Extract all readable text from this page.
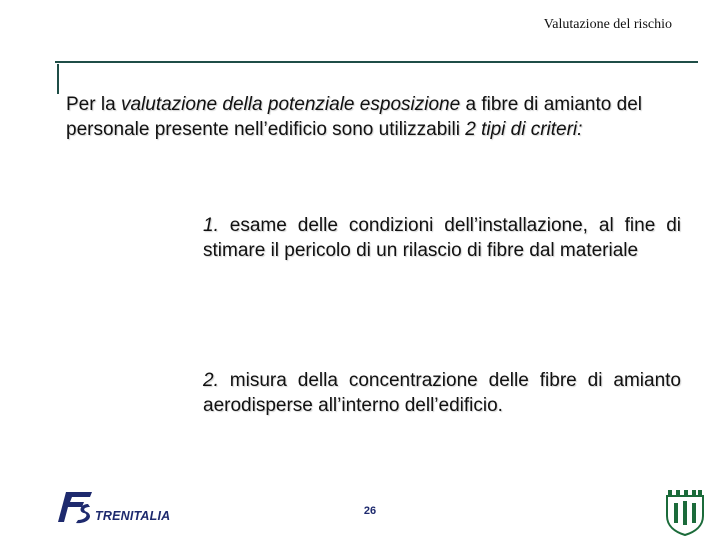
Valutazione del rischio

Per la valutazione della potenziale esposizione a fibre di amianto del personale presente nell’edificio sono utilizzabili 2 tipi di criteri:

1. esame delle condizioni dell’installazione, al fine di stimare il pericolo di un rilascio di fibre dal materiale

2. misura della concentrazione delle fibre di amianto aerodisperse all’interno dell’edificio.

TRENITALIA	26
